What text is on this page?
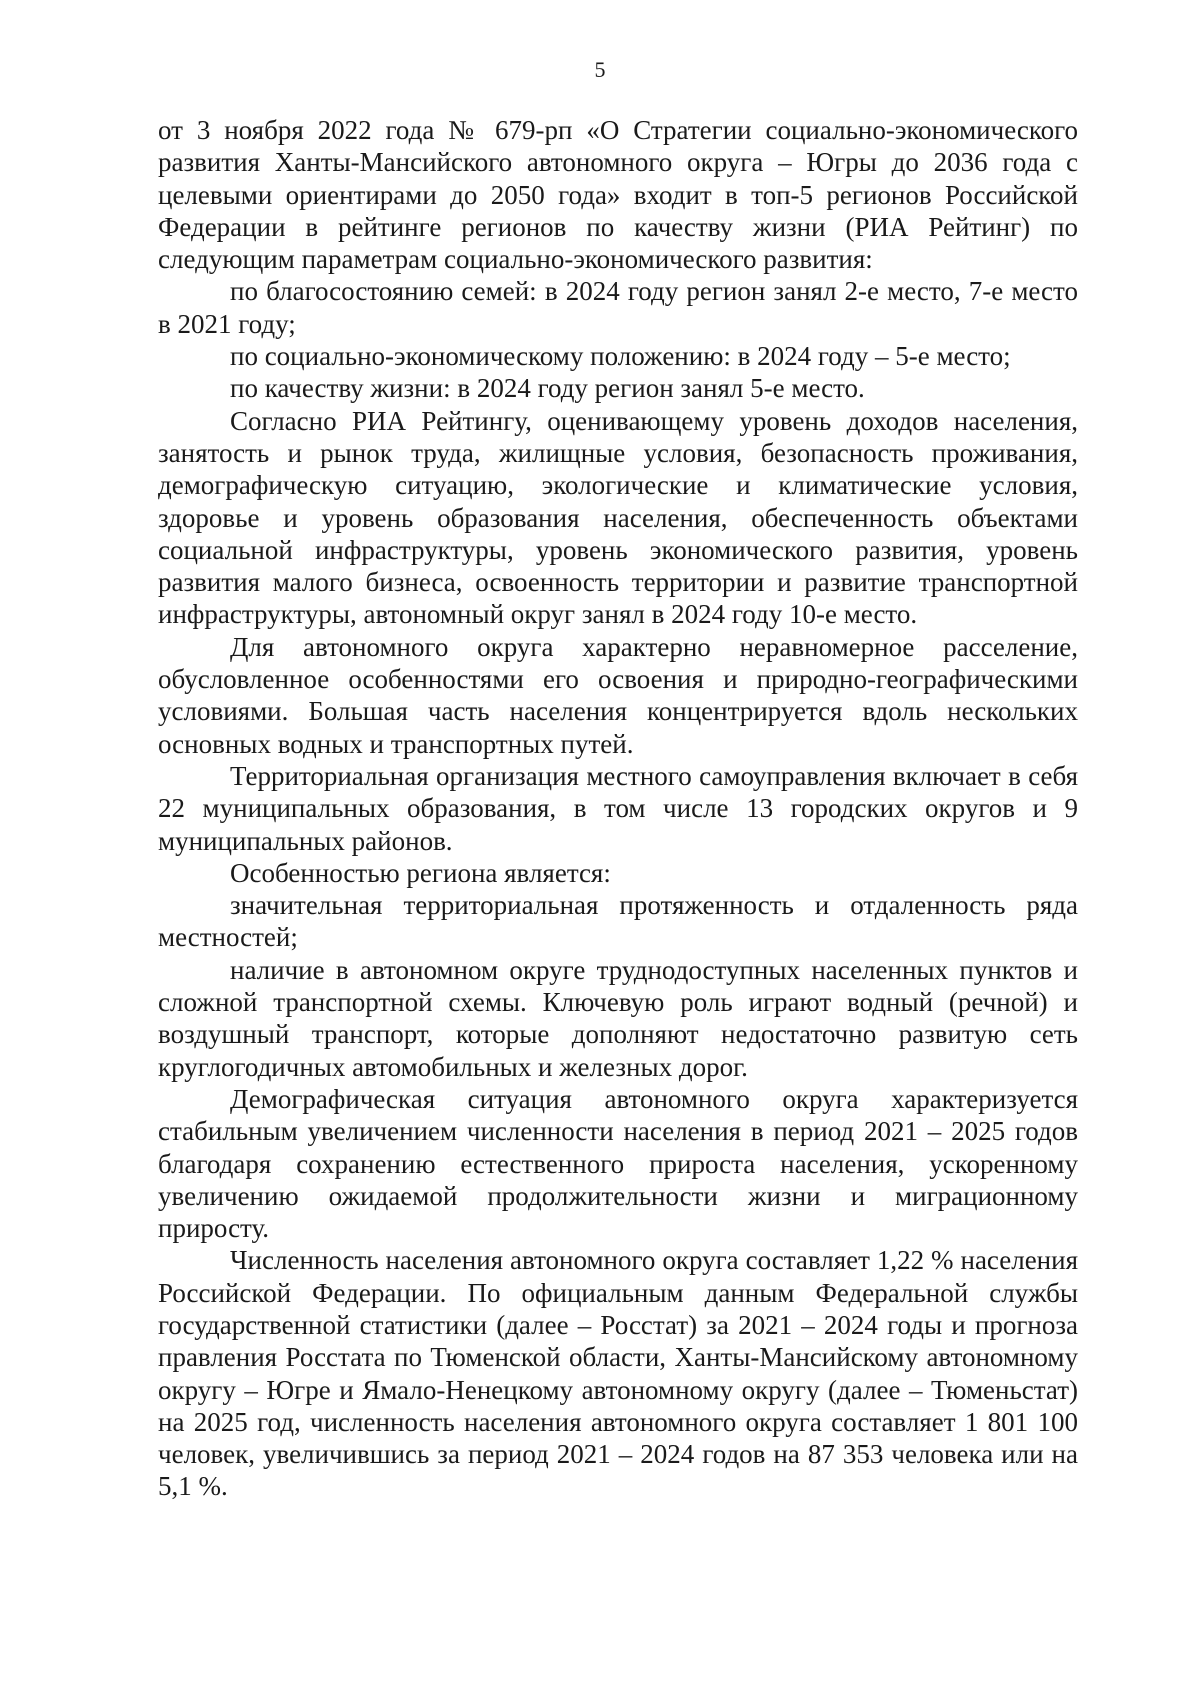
5

от 3 ноября 2022 года № 679-рп «О Стратегии социально-экономического развития Ханты-Мансийского автономного округа – Югры до 2036 года с целевыми ориентирами до 2050 года» входит в топ-5 регионов Российской Федерации в рейтинге регионов по качеству жизни (РИА Рейтинг) по следующим параметрам социально-экономического развития:

по благосостоянию семей: в 2024 году регион занял 2-е место, 7-е место в 2021 году;

по социально-экономическому положению: в 2024 году – 5-е место;

по качеству жизни: в 2024 году регион занял 5-е место.

Согласно РИА Рейтингу, оценивающему уровень доходов населения, занятость и рынок труда, жилищные условия, безопасность проживания, демографическую ситуацию, экологические и климатические условия, здоровье и уровень образования населения, обеспеченность объектами социальной инфраструктуры, уровень экономического развития, уровень развития малого бизнеса, освоенность территории и развитие транспортной инфраструктуры, автономный округ занял в 2024 году 10-е место.

Для автономного округа характерно неравномерное расселение, обусловленное особенностями его освоения и природно-географическими условиями. Большая часть населения концентрируется вдоль нескольких основных водных и транспортных путей.

Территориальная организация местного самоуправления включает в себя 22 муниципальных образования, в том числе 13 городских округов и 9 муниципальных районов.

Особенностью региона является:

значительная территориальная протяженность и отдаленность ряда местностей;

наличие в автономном округе труднодоступных населенных пунктов и сложной транспортной схемы. Ключевую роль играют водный (речной) и воздушный транспорт, которые дополняют недостаточно развитую сеть круглогодичных автомобильных и железных дорог.

Демографическая ситуация автономного округа характеризуется стабильным увеличением численности населения в период 2021 – 2025 годов благодаря сохранению естественного прироста населения, ускоренному увеличению ожидаемой продолжительности жизни и миграционному приросту.

Численность населения автономного округа составляет 1,22 % населения Российской Федерации. По официальным данным Федеральной службы государственной статистики (далее – Росстат) за 2021 – 2024 годы и прогноза правления Росстата по Тюменской области, Ханты-Мансийскому автономному округу – Югре и Ямало-Ненецкому автономному округу (далее – Тюменьстат) на 2025 год, численность населения автономного округа составляет 1 801 100 человек, увеличившись за период 2021 – 2024 годов на 87 353 человека или на 5,1 %.
